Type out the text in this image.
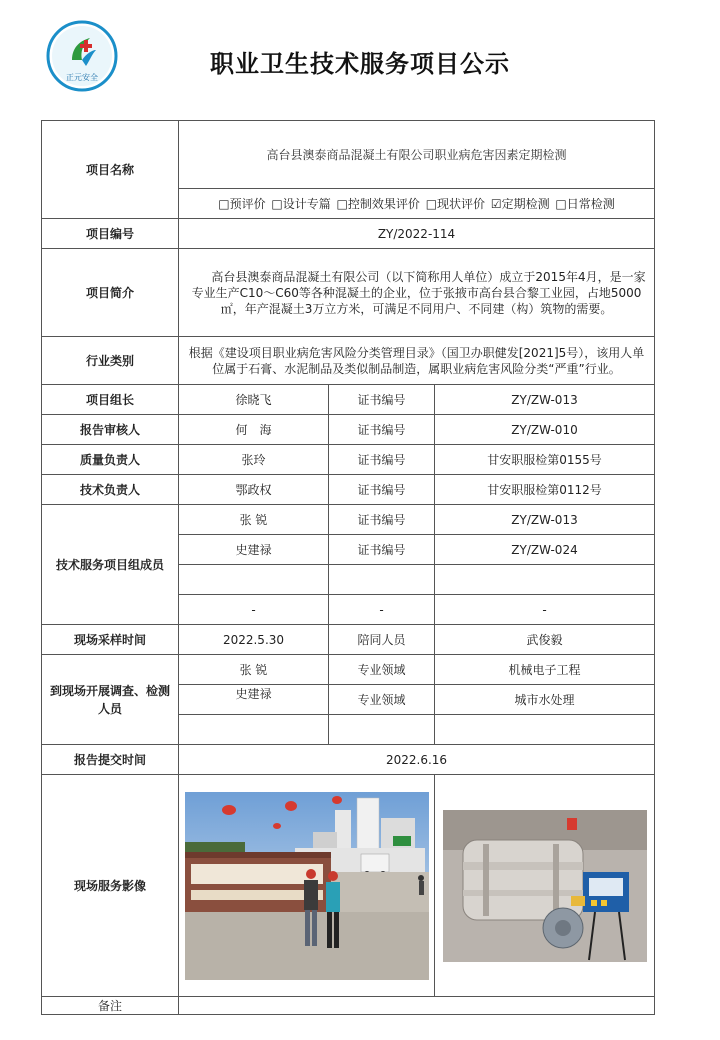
正元安全	职业卫生技术服务项目公示
项目名称	高台县澳泰商品混凝土有限公司职业病危害因素定期检测		
	□预评价 □设计专篇 □控制效果评价 □现状评价 ☑定期检测 □日常检测		
项目编号	ZY/2022-114		
项目简介	　　高台县澳泰商品混凝土有限公司（以下简称用人单位）成立于2015年4月，是一家专业生产C10～C60等各种混凝土的企业，位于张掖市高台县合黎工业园，占地5000㎡，年产混凝土3万立方米，可满足不同用户、不同建（构）筑物的需要。		
行业类别	根据《建设项目职业病危害风险分类管理目录》（国卫办职健发[2021]5号），该用人单位属于石膏、水泥制品及类似制品制造，属职业病危害风险分类“严重”行业。		
项目组长	徐晓飞	证书编号	ZY/ZW-013
报告审核人	何　海	证书编号	ZY/ZW-010
质量负责人	张玲	证书编号	甘安职服检第0155号
技术负责人	鄂政权	证书编号	甘安职服检第0112号
技术服务项目组成员	张 锐	证书编号	ZY/ZW-013
	史建禄	证书编号	ZY/ZW-024

	-	-	-
现场采样时间	2022.5.30	陪同人员	武俊毅
到现场开展调查、检测人员	张 锐	专业领域	机械电子工程
	史建禄	专业领域	城市水处理

报告提交时间	2022.6.16		
现场服务影像	

备注			
